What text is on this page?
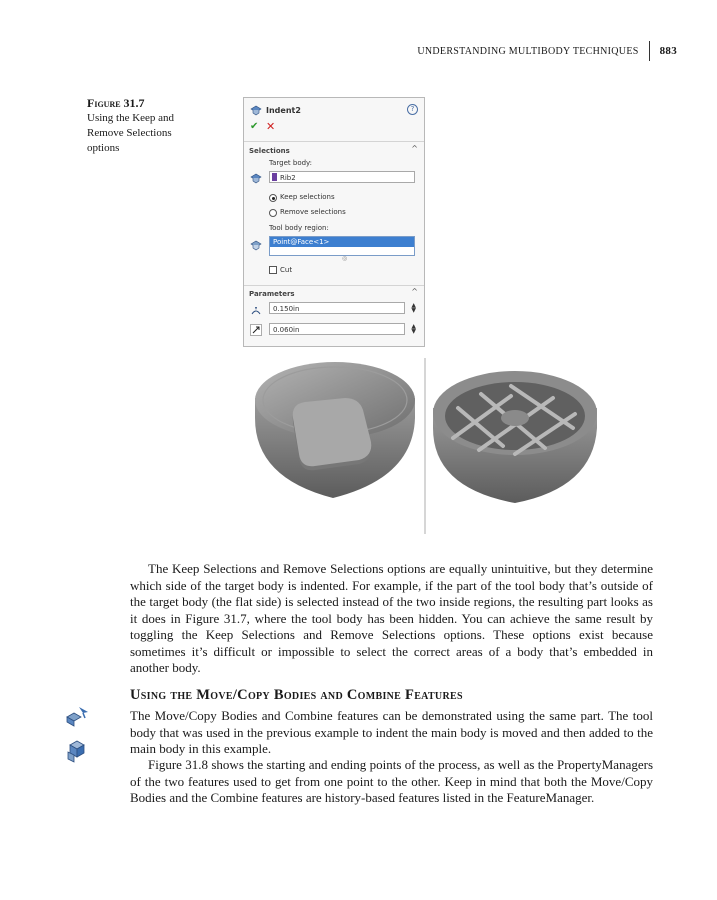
UNDERSTANDING MULTIBODY TECHNIQUES 883
Figure 31.7
Using the Keep and Remove Selections options
Indent2	?
✔ ✕
Selections	^
Target body:
Rib2
Keep selections
Remove selections
Tool body region:
Point@Face<1>
◎
Cut
Parameters	^
0.150in	▲
▼
0.060in	▲
▼

The Keep Selections and Remove Selections options are equally unintuitive, but they determine which side of the target body is indented. For example, if the part of the tool body that’s outside of the target body (the flat side) is selected instead of the two inside regions, the resulting part looks as it does in Figure 31.7, where the tool body has been hidden. You can achieve the same result by toggling the Keep Selections and Remove Selections options. These options exist because sometimes it’s difficult or impossible to select the correct areas of a body that’s embedded in another body.

Using the Move/Copy Bodies and Combine Features

The Move/Copy Bodies and Combine features can be demonstrated using the same part. The tool body that was used in the previous example to indent the main body is moved and then added to the main body in this example.

Figure 31.8 shows the starting and ending points of the process, as well as the PropertyManagers of the two features used to get from one point to the other. Keep in mind that both the Move/Copy Bodies and the Combine features are history-based features listed in the FeatureManager.
